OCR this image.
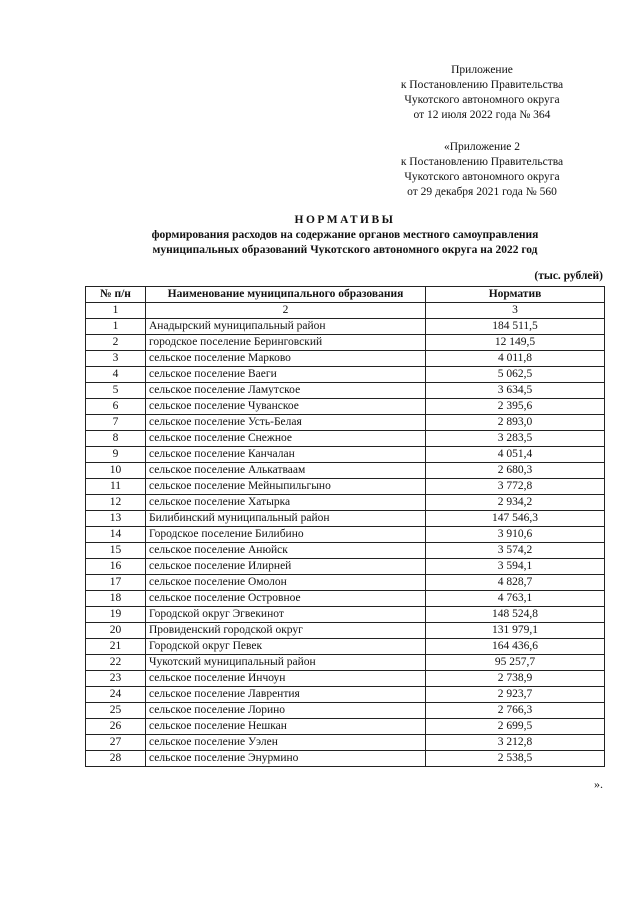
Приложение
к Постановлению Правительства
Чукотского автономного округа
от 12 июля 2022 года № 364
«Приложение 2
к Постановлению Правительства
Чукотского автономного округа
от 29 декабря 2021 года № 560
НОРМАТИВЫ
формирования расходов на содержание органов местного самоуправления
муниципальных образований Чукотского автономного округа на 2022 год
(тыс. рублей)
№ п/н	Наименование муниципального образования	Норматив
1	2	3
1	Анадырский муниципальный район	184 511,5
2	городское поселение Беринговский	12 149,5
3	сельское поселение Марково	4 011,8
4	сельское поселение Ваеги	5 062,5
5	сельское поселение Ламутское	3 634,5
6	сельское поселение Чуванское	2 395,6
7	сельское поселение Усть-Белая	2 893,0
8	сельское поселение Снежное	3 283,5
9	сельское поселение Канчалан	4 051,4
10	сельское поселение Алькатваам	2 680,3
11	сельское поселение Мейныпильгыно	3 772,8
12	сельское поселение Хатырка	2 934,2
13	Билибинский муниципальный район	147 546,3
14	Городское поселение Билибино	3 910,6
15	сельское поселение Анюйск	3 574,2
16	сельское поселение Илирней	3 594,1
17	сельское поселение Омолон	4 828,7
18	сельское поселение Островное	4 763,1
19	Городской округ Эгвекинот	148 524,8
20	Провиденский городской округ	131 979,1
21	Городской округ Певек	164 436,6
22	Чукотский муниципальный район	95 257,7
23	сельское поселение Инчоун	2 738,9
24	сельское поселение Лаврентия	2 923,7
25	сельское поселение Лорино	2 766,3
26	сельское поселение Нешкан	2 699,5
27	сельское поселение Уэлен	3 212,8
28	сельское поселение Энурмино	2 538,5
».
